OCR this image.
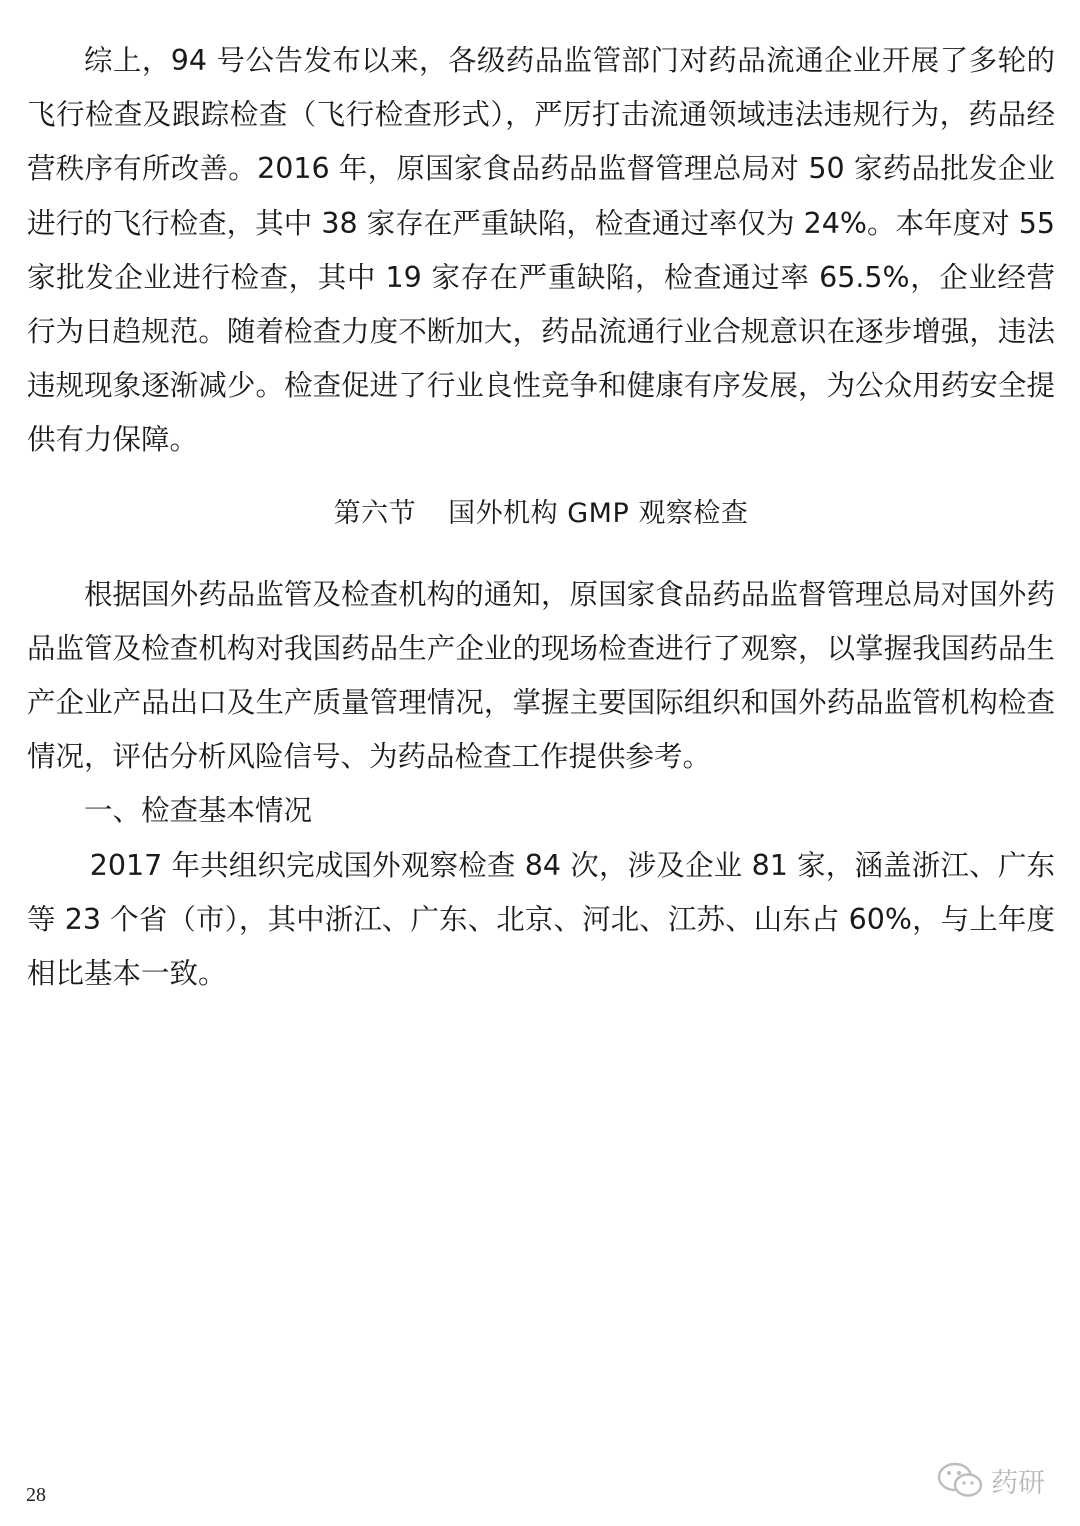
综上，94 号公告发布以来，各级药品监管部门对药品流通企业开展了多轮的飞行检查及跟踪检查（飞行检查形式），严厉打击流通领域违法违规行为，药品经营秩序有所改善。2016 年，原国家食品药品监督管理总局对 50 家药品批发企业进行的飞行检查，其中 38 家存在严重缺陷，检查通过率仅为 24%。本年度对 55 家批发企业进行检查，其中 19 家存在严重缺陷，检查通过率 65.5%，企业经营行为日趋规范。随着检查力度不断加大，药品流通行业合规意识在逐步增强，违法违规现象逐渐减少。检查促进了行业良性竞争和健康有序发展，为公众用药安全提供有力保障。

第六节 国外机构 GMP 观察检查

根据国外药品监管及检查机构的通知，原国家食品药品监督管理总局对国外药品监管及检查机构对我国药品生产企业的现场检查进行了观察，以掌握我国药品生产企业产品出口及生产质量管理情况，掌握主要国际组织和国外药品监管机构检查情况，评估分析风险信号、为药品检查工作提供参考。

一、检查基本情况

2017 年共组织完成国外观察检查 84 次，涉及企业 81 家，涵盖浙江、广东等 23 个省（市），其中浙江、广东、北京、河北、江苏、山东占 60%，与上年度相比基本一致。

28	药研
